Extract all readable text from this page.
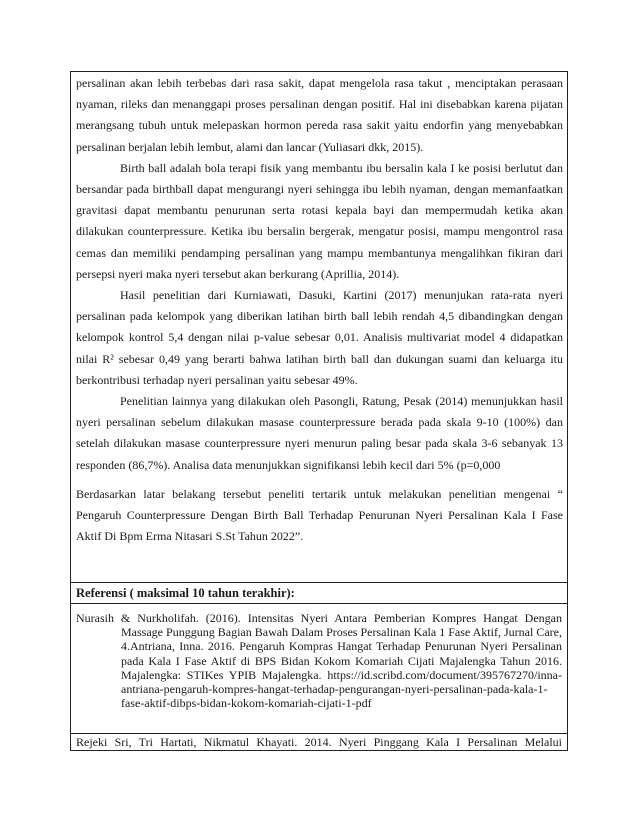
persalinan akan lebih terbebas dari rasa sakit, dapat mengelola rasa takut , menciptakan perasaan nyaman, rileks dan menanggapi proses persalinan dengan positif. Hal ini disebabkan karena pijatan merangsang tubuh untuk melepaskan hormon pereda rasa sakit yaitu endorfin yang menyebabkan persalinan berjalan lebih lembut, alami dan lancar (Yuliasari dkk, 2015).

Birth ball adalah bola terapi fisik yang membantu ibu bersalin kala I ke posisi berlutut dan bersandar pada birthball dapat mengurangi nyeri sehingga ibu lebih nyaman, dengan memanfaatkan gravitasi dapat membantu penurunan serta rotasi kepala bayi dan mempermudah ketika akan dilakukan counterpressure. Ketika ibu bersalin bergerak, mengatur posisi, mampu mengontrol rasa cemas dan memiliki pendamping persalinan yang mampu membantunya mengalihkan fikiran dari persepsi nyeri maka nyeri tersebut akan berkurang (Aprillia, 2014).

Hasil penelitian dari Kurniawati, Dasuki, Kartini (2017) menunjukan rata-rata nyeri persalinan pada kelompok yang diberikan latihan birth ball lebih rendah 4,5 dibandingkan dengan kelompok kontrol 5,4 dengan nilai p-value sebesar 0,01. Analisis multivariat model 4 didapatkan nilai R² sebesar 0,49 yang berarti bahwa latihan birth ball dan dukungan suami dan keluarga itu berkontribusi terhadap nyeri persalinan yaitu sebesar 49%.

Penelitian lainnya yang dilakukan oleh Pasongli, Ratung, Pesak (2014) menunjukkan hasil nyeri persalinan sebelum dilakukan masase counterpressure berada pada skala 9-10 (100%) dan setelah dilakukan masase counterpressure nyeri menurun paling besar pada skala 3-6 sebanyak 13 responden (86,7%). Analisa data menunjukkan signifikansi lebih kecil dari 5% (p=0,000

Berdasarkan latar belakang tersebut peneliti tertarik untuk melakukan penelitian mengenai “ Pengaruh Counterpressure Dengan Birth Ball Terhadap Penurunan Nyeri Persalinan Kala I Fase Aktif Di Bpm Erma Nitasari S.St Tahun 2022”.

Referensi ( maksimal 10 tahun terakhir):

Nurasih & Nurkholifah. (2016). Intensitas Nyeri Antara Pemberian Kompres Hangat Dengan Massage Punggung Bagian Bawah Dalam Proses Persalinan Kala 1 Fase Aktif, Jurnal Care, 4.Antriana, Inna. 2016. Pengaruh Kompras Hangat Terhadap Penurunan Nyeri Persalinan pada Kala I Fase Aktif di BPS Bidan Kokom Komariah Cijati Majalengka Tahun 2016. Majalengka: STIKes YPIB Majalengka. https://id.scribd.com/document/395767270/inna-antriana-pengaruh-kompres-hangat-terhadap-pengurangan-nyeri-persalinan-pada-kala-1-fase-aktif-dibps-bidan-kokom-komariah-cijati-1-pdf

Rejeki Sri, Tri Hartati, Nikmatul Khayati. 2014. Nyeri Pinggang Kala I Persalinan Melalui
